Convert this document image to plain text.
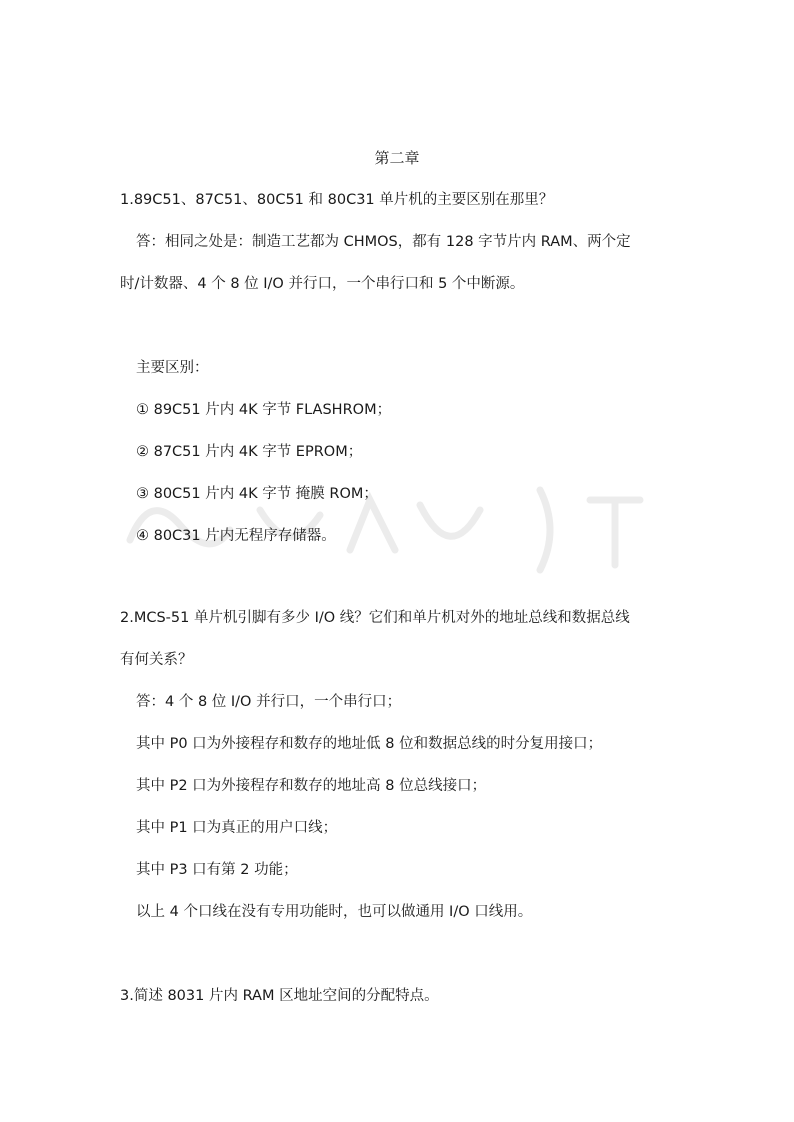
第二章
1.89C51、87C51、80C51 和 80C31 单片机的主要区别在那里？
答：相同之处是：制造工艺都为 CHMOS，都有 128 字节片内 RAM、两个定
时/计数器、4 个 8 位 I/O 并行口，一个串行口和 5 个中断源。
主要区别：
① 89C51 片内 4K 字节 FLASHROM；
② 87C51 片内 4K 字节 EPROM；
③ 80C51 片内 4K 字节 掩膜 ROM；
④ 80C31 片内无程序存储器。
2.MCS-51 单片机引脚有多少 I/O 线？它们和单片机对外的地址总线和数据总线
有何关系？
答：4 个 8 位 I/O 并行口，一个串行口；
其中 P0 口为外接程存和数存的地址低 8 位和数据总线的时分复用接口；
其中 P2 口为外接程存和数存的地址高 8 位总线接口；
其中 P1 口为真正的用户口线；
其中 P3 口有第 2 功能；
以上 4 个口线在没有专用功能时，也可以做通用 I/O 口线用。
3.简述 8031 片内 RAM 区地址空间的分配特点。
